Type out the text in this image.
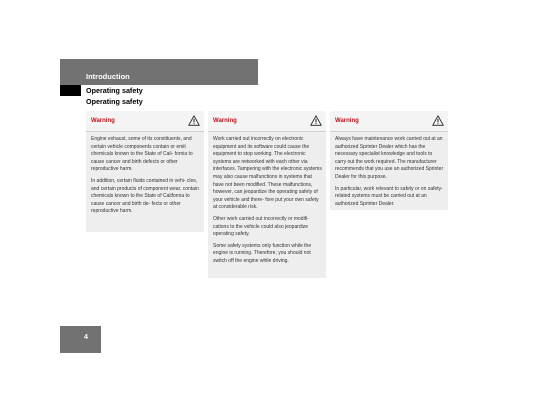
Introduction
Operating safety
Operating safety
Warning

Engine exhaust, some of its constituents, and certain vehicle components contain or emit chemicals known to the State of Cali- fornia to cause cancer and birth defects or other reproductive harm.

In addition, certain fluids contained in vehi- cles, and certain products of component wear, contain chemicals known to the State of California to cause cancer and birth de- fects or other reproductive harm.

Warning

Work carried out incorrectly on electronic equipment and its software could cause the equipment to stop working. The electronic systems are networked with each other via interfaces. Tampering with the electronic systems may also cause malfunctions in systems that have not been modified. These malfunctions, however, can jeopardize the operating safety of your vehicle and there- fore put your own safety at considerable risk.

Other work carried out incorrectly or modifi- cations to the vehicle could also jeopardize operating safety.

Some safety systems only function while the engine is running. Therefore, you should not switch off the engine while driving.

Warning

Always have maintenance work carried out at an authorized Sprinter Dealer which has the necessary specialist knowledge and tools to carry out the work required. The manufacturer recommends that you use an authorized Sprinter Dealer for this purpose.

In particular, work relevant to safety or on safety-related systems must be carried out at an authorized Sprinter Dealer.

4
